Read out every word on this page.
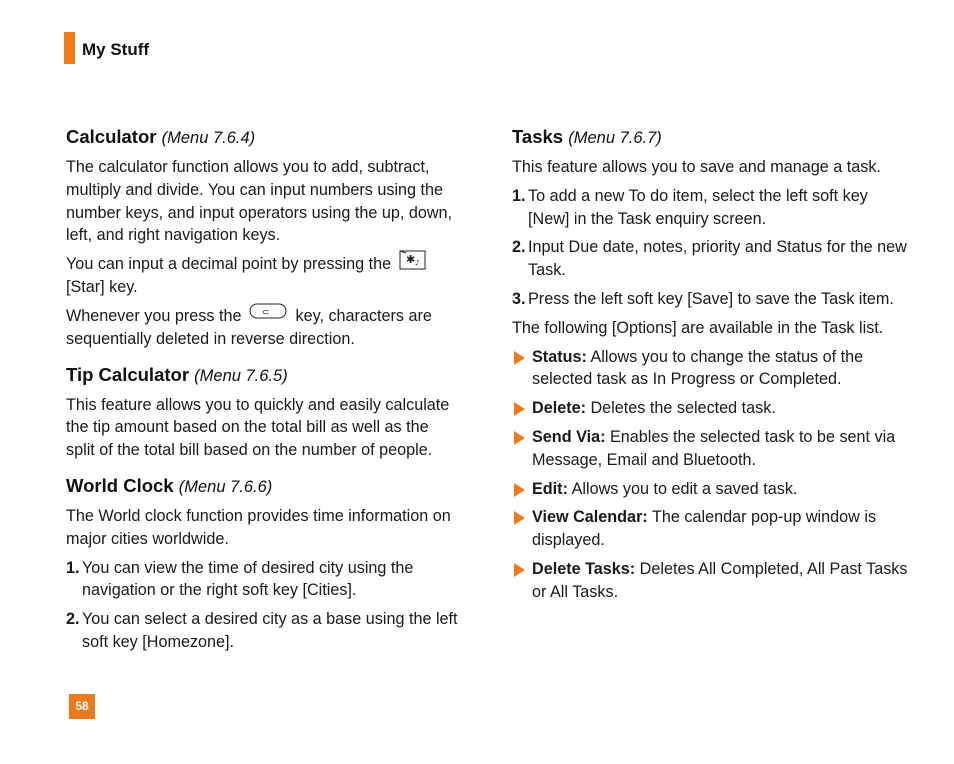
My Stuff
Calculator (Menu 7.6.4)

The calculator function allows you to add, subtract, multiply and divide. You can input numbers using the number keys, and input operators using the up, down, left, and right navigation keys.

You can input a decimal point by pressing the ✱ ♪
[Star] key.

Whenever you press the ⊂ key, characters are sequentially deleted in reverse direction.

Tip Calculator (Menu 7.6.5)

This feature allows you to quickly and easily calculate the tip amount based on the total bill as well as the split of the total bill based on the number of people.

World Clock (Menu 7.6.6)

The World clock function provides time information on major cities worldwide.

1. You can view the time of desired city using the navigation or the right soft key [Cities].
2. You can select a desired city as a base using the left soft key [Homezone].
Tasks (Menu 7.6.7)

This feature allows you to save and manage a task.

1. To add a new To do item, select the left soft key [New] in the Task enquiry screen.
2. Input Due date, notes, priority and Status for the new Task.
3. Press the left soft key [Save] to save the Task item.

The following [Options] are available in the Task list.

Status: Allows you to change the status of the selected task as In Progress or Completed.
Delete: Deletes the selected task.
Send Via: Enables the selected task to be sent via Message, Email and Bluetooth.
Edit: Allows you to edit a saved task.
View Calendar: The calendar pop-up window is displayed.
Delete Tasks: Deletes All Completed, All Past Tasks or All Tasks.
58
